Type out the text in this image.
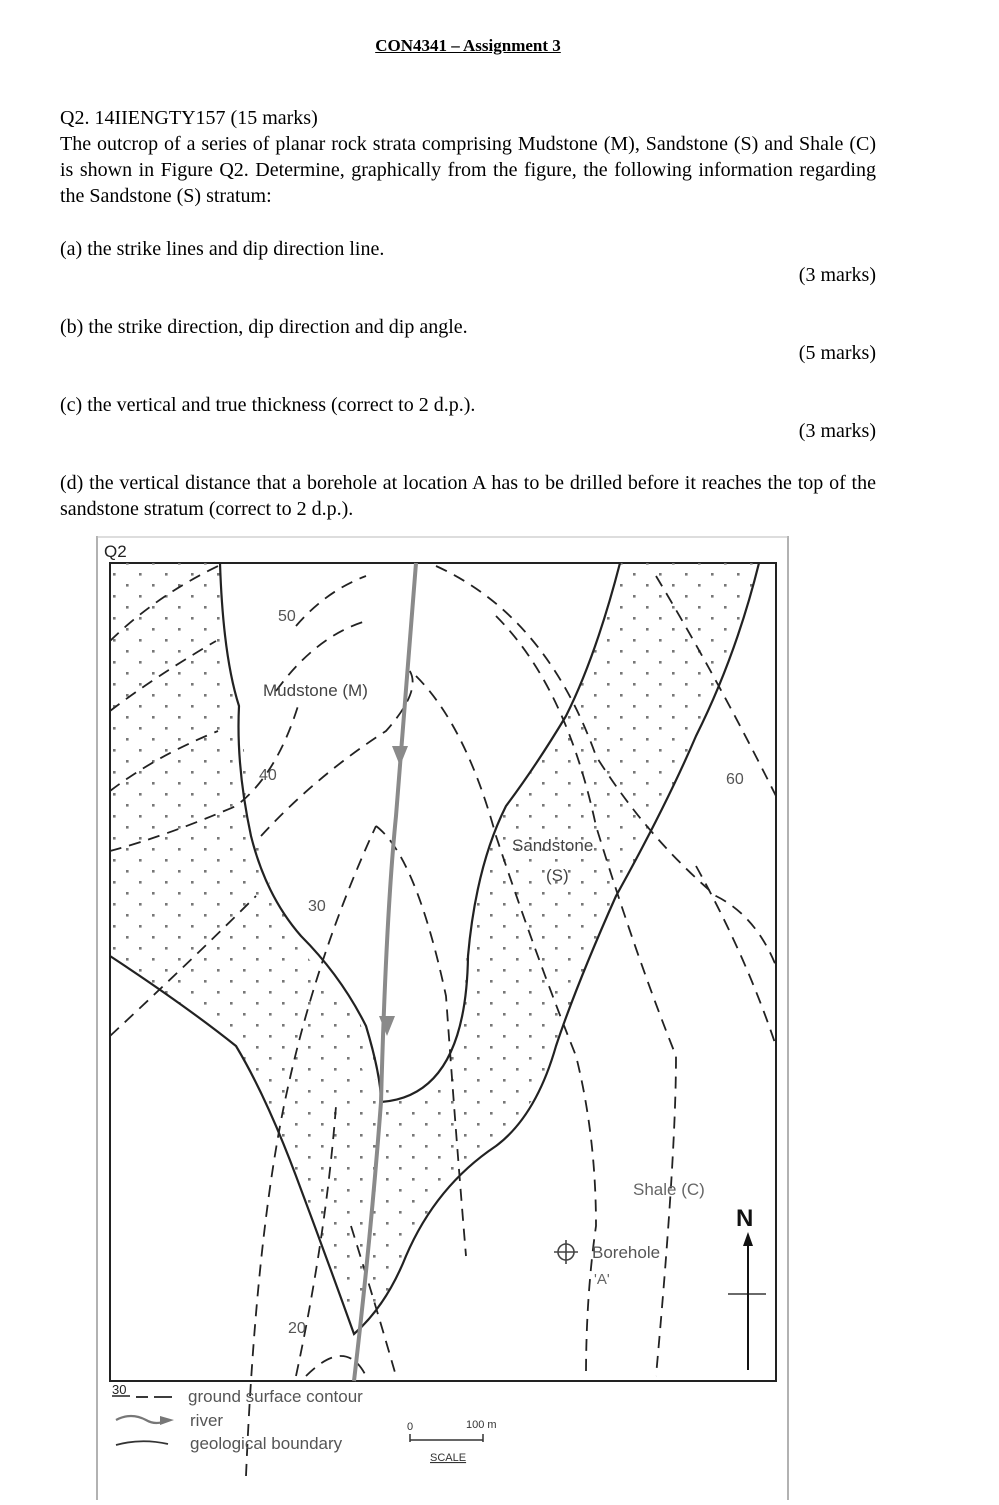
CON4341 – Assignment 3
Q2. 14IIENGTY157 (15 marks)
The outcrop of a series of planar rock strata comprising Mudstone (M), Sandstone (S) and Shale (C) is shown in Figure Q2. Determine, graphically from the figure, the following information regarding the Sandstone (S) stratum:
(a) the strike lines and dip direction line.
(3 marks)
(b) the strike direction, dip direction and dip angle.
(5 marks)
(c) the vertical and true thickness (correct to 2 d.p.).
(3 marks)
(d) the vertical distance that a borehole at location A has to be drilled before it reaches the top of the sandstone stratum (correct to 2 d.p.).
Q2
50
40
30
20
60
Mudstone (M)
Sandstone
(S)
Shale (C)
Borehole
'A'
N
30	ground surface contour
river
geological boundary
0	100 m
SCALE
